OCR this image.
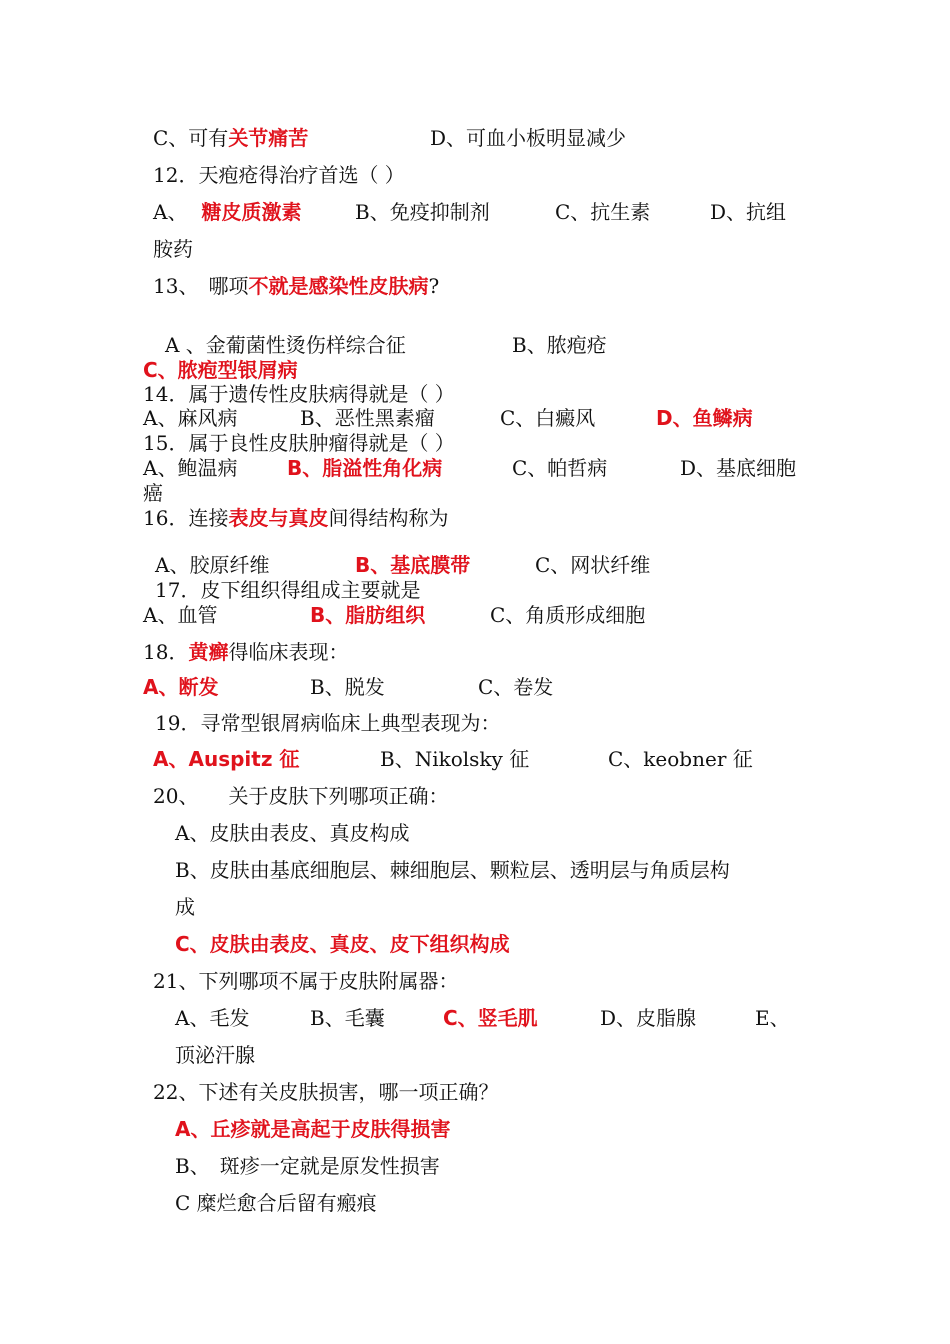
C、可有关节痛苦	D、可血小板明显减少
12．天疱疮得治疗首选（ ）
A、 糖皮质激素	B、免疫抑制剂	C、抗生素	D、抗组
胺药
13、　哪项不就是感染性皮肤病?
A 、金葡菌性烫伤样综合征	B、脓疱疮
C、脓疱型银屑病
14．属于遗传性皮肤病得就是（ ）
A、麻风病	B、恶性黑素瘤	C、白癜风	D、鱼鳞病
15．属于良性皮肤肿瘤得就是（ ）
A、鲍温病 B、脂溢性角化病	C、帕哲病	D、基底细胞
癌
16．连接表皮与真皮间得结构称为
A、胶原纤维	B、基底膜带	C、网状纤维
17．皮下组织得组成主要就是
A、血管	B、脂肪组织	C、角质形成细胞
18．黄癣得临床表现：
A、断发	B、脱发	C、卷发
19．寻常型银屑病临床上典型表现为：
A、Auspitz 征	B、Nikolsky 征	C、keobner 征
20、　　关于皮肤下列哪项正确：
A、皮肤由表皮、真皮构成
B、皮肤由基底细胞层、棘细胞层、颗粒层、透明层与角质层构
成
C、皮肤由表皮、真皮、皮下组织构成
21、下列哪项不属于皮肤附属器：
A、毛发	B、毛囊	C、竖毛肌	D、皮脂腺	E、
顶泌汗腺
22、下述有关皮肤损害，哪一项正确？
A、丘疹就是高起于皮肤得损害
B、　斑疹一定就是原发性损害
C 糜烂愈合后留有瘢痕
